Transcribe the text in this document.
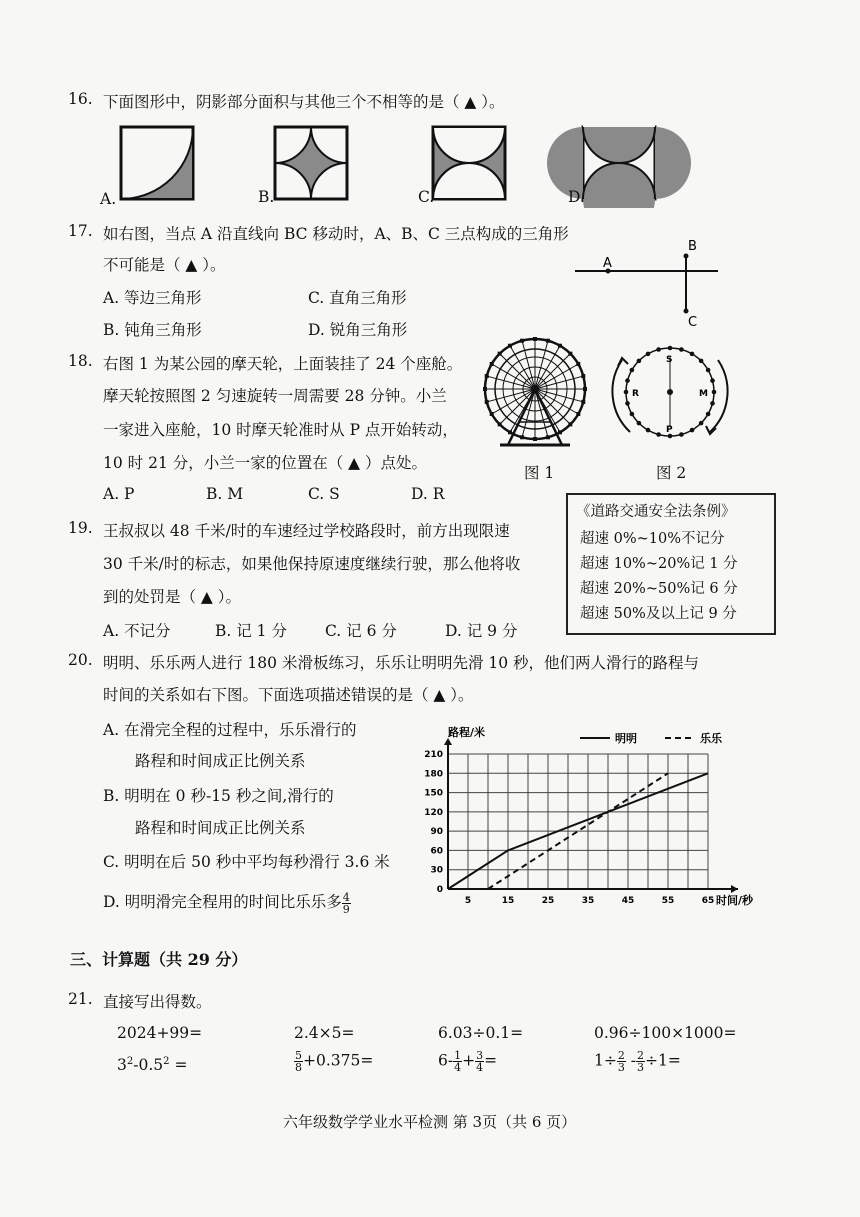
16. 下面图形中，阴影部分面积与其他三个不相等的是（ ▲ ）。
A.	B.	C.	D.
17. 如右图，当点 A 沿直线向 BC 移动时，A、B、C 三点构成的三角形
不可能是（ ▲ ）。
A. 等边三角形	C. 直角三角形
B. 钝角三角形	D. 锐角三角形
A
B
C
18. 右图 1 为某公园的摩天轮，上面装挂了 24 个座舱。
摩天轮按照图 2 匀速旋转一周需要 28 分钟。小兰
一家进入座舱，10 时摩天轮准时从 P 点开始转动，
10 时 21 分，小兰一家的位置在（ ▲ ）点处。
A. P	B. M	C. S	D. R
图 1
S
R	M
P
图 2
19. 王叔叔以 48 千米/时的车速经过学校路段时，前方出现限速
30 千米/时的标志，如果他保持原速度继续行驶，那么他将收
到的处罚是（ ▲ ）。
A. 不记分	B. 记 1 分 C. 记 6 分	D. 记 9 分
《道路交通安全法条例》
超速 0%~10%不记分
超速 10%~20%记 1 分
超速 20%~50%记 6 分
超速 50%及以上记 9 分
20. 明明、乐乐两人进行 180 米滑板练习，乐乐让明明先滑 10 秒，他们两人滑行的路程与
时间的关系如右下图。下面选项描述错误的是（ ▲ ）。
A. 在滑完全程的过程中，乐乐滑行的
路程和时间成正比例关系
B. 明明在 0 秒-15 秒之间,滑行的
路程和时间成正比例关系
C. 明明在后 50 秒中平均每秒滑行 3.6 米
D. 明明滑完全程用的时间比乐乐多 $\frac{4}{9}$	5	15	25	35	45	55	65
0
30
60
90
120
150
180
210
路程/米
时间/秒
明明	乐乐
三、计算题（共 29 分）
21. 直接写出得数。
2024+99=	2.4×5=	6.03÷0.1=	0.96÷100×1000=
$3^2-0.5^2$ =	$\frac{5}{8} +0.375=$	$6- \frac{1}{4} + \frac{3}{4}$ =	$1\div \frac{2}{3} - \frac{2}{3} \div 1=$
六年级数学学业水平检测 第 3页（共 6 页）
